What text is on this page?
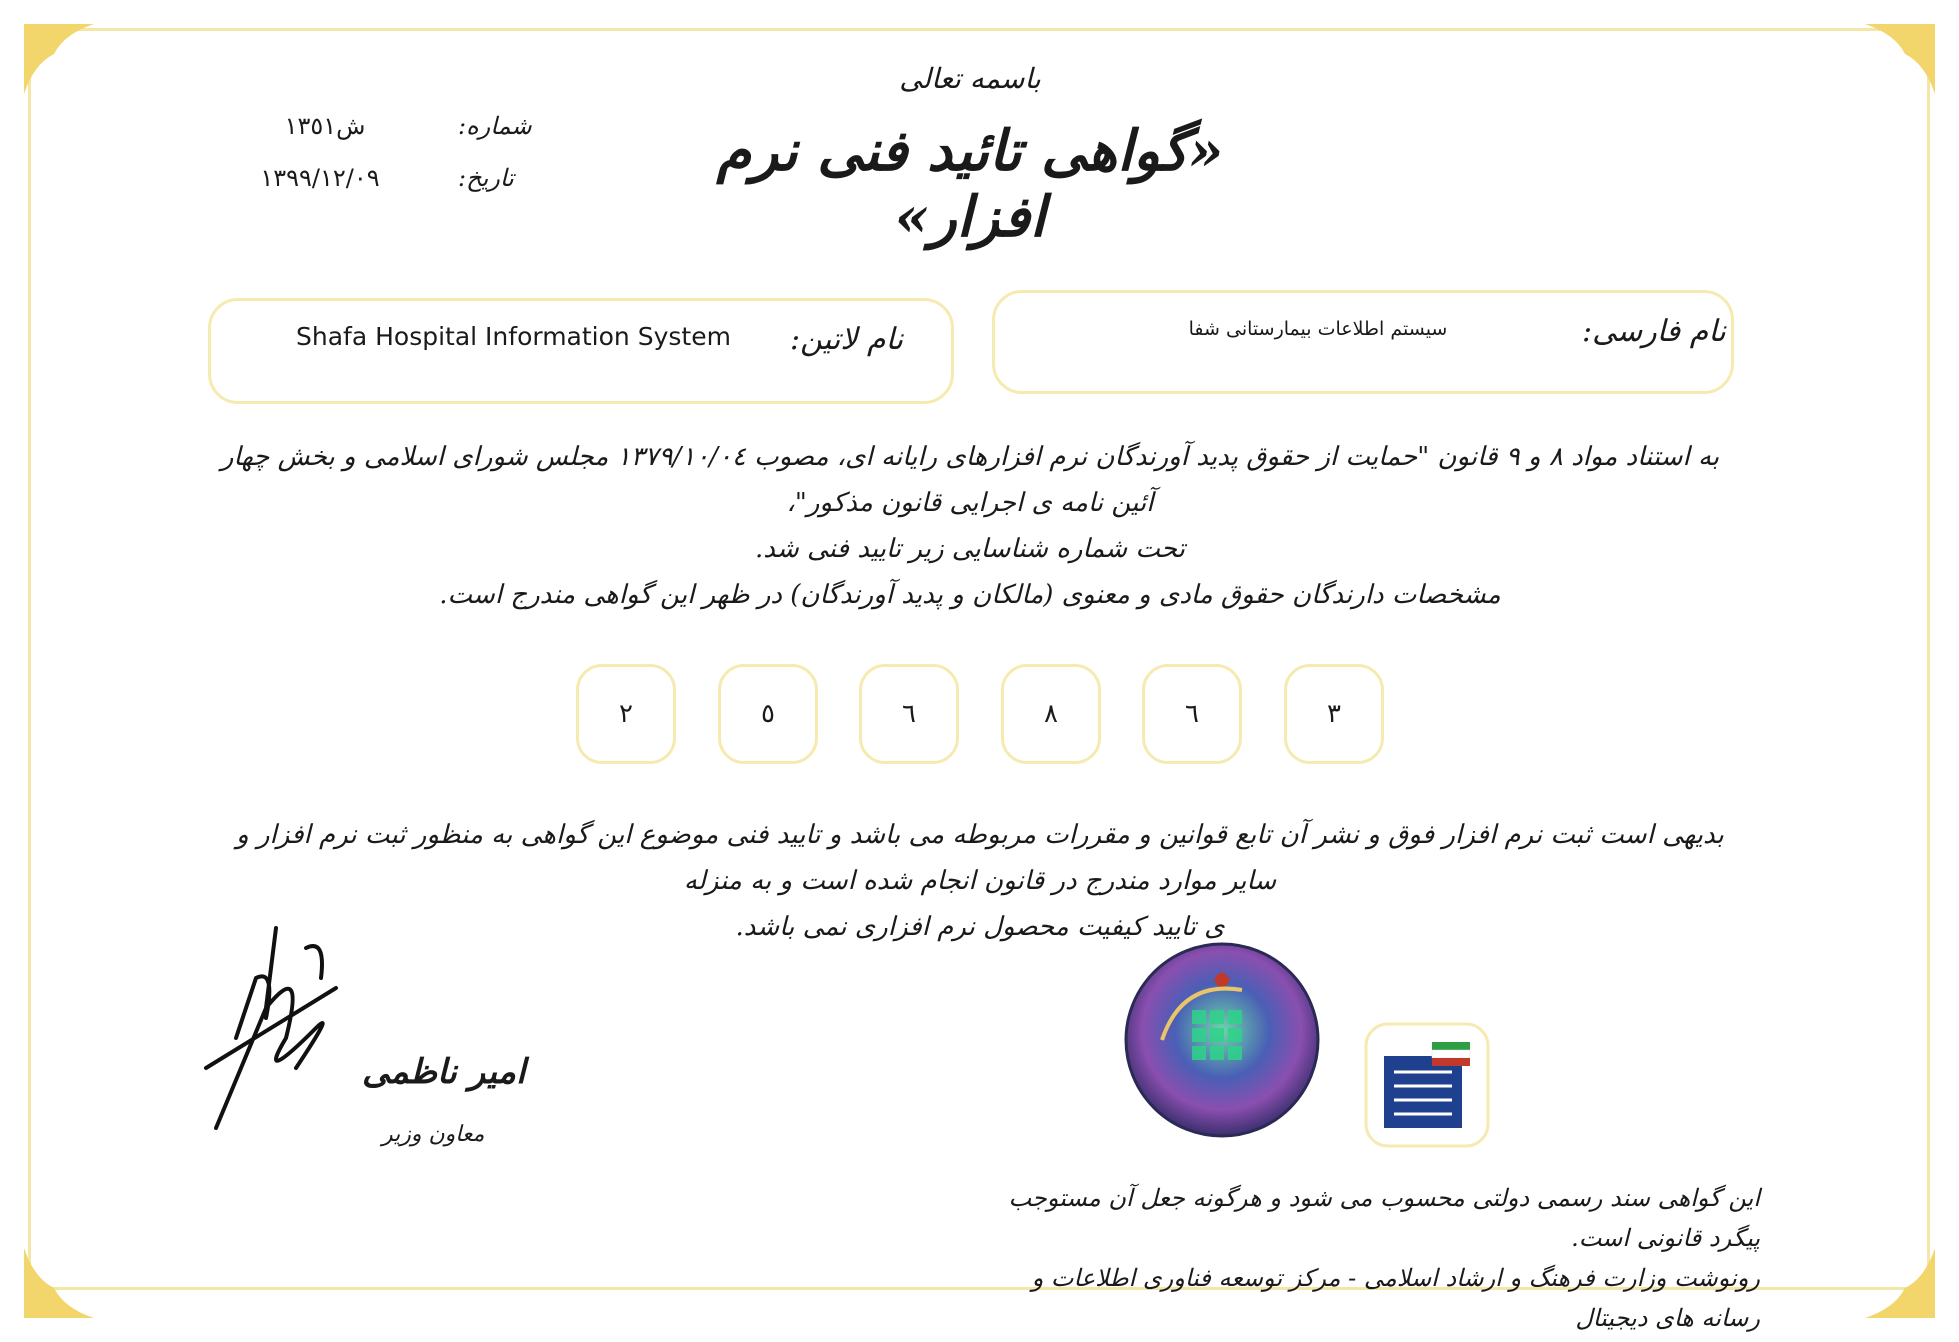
باسمه تعالی
«گواهی تائید فنی نرم افزار»
شماره:
ش١٣٥١
تاریخ:
١٣٩٩/١٢/٠٩
نام لاتین:
Shafa Hospital Information System	نام فارسی:
سیستم اطلاعات بیمارستانی شفا
به استناد مواد ٨ و ٩ قانون "حمایت از حقوق پدید آورندگان نرم افزارهای رایانه ای، مصوب ١٣٧٩/١٠/٠٤ مجلس شورای اسلامی و بخش چهار آئین نامه ی اجرایی قانون مذکور"،
تحت شماره شناسایی زیر تایید فنی شد.
مشخصات دارندگان حقوق مادی و معنوی (مالکان و پدید آورندگان) در ظهر این گواهی مندرج است.
٣
٦
٨
٦
٥
٢
بدیهی است ثبت نرم افزار فوق و نشر آن تابع قوانین و مقررات مربوطه می باشد و تایید فنی موضوع این گواهی به منظور ثبت نرم افزار و سایر موارد مندرج در قانون انجام شده است و به منزله
ی تایید کیفیت محصول نرم افزاری نمی باشد.
امیر ناظمی
معاون وزیر
این گواهی سند رسمی دولتی محسوب می شود و هرگونه جعل آن مستوجب پیگرد قانونی است.
رونوشت وزارت فرهنگ و ارشاد اسلامی - مرکز توسعه فناوری اطلاعات و رسانه های دیجیتال
